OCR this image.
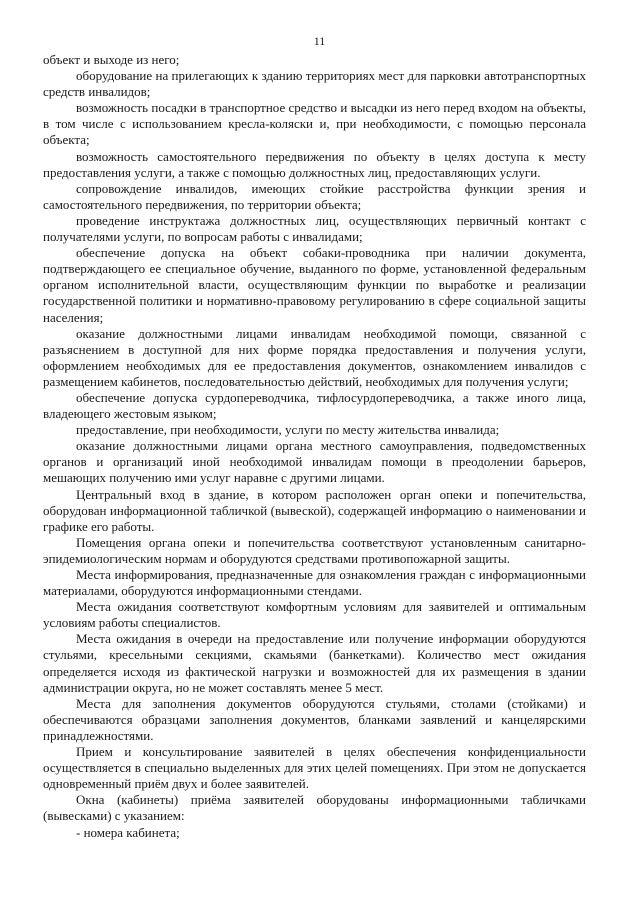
11

объект и выходе из него;

оборудование на прилегающих к зданию территориях мест для парковки автотранспортных средств инвалидов;

возможность посадки в транспортное средство и высадки из него перед входом на объекты, в том числе с использованием кресла-коляски и, при необходимости, с помощью персонала объекта;

возможность самостоятельного передвижения по объекту в целях доступа к месту предоставления услуги, а также с помощью должностных лиц, предоставляющих услуги.

сопровождение инвалидов, имеющих стойкие расстройства функции зрения и самостоятельного передвижения, по территории объекта;

проведение инструктажа должностных лиц, осуществляющих первичный контакт с получателями услуги, по вопросам работы с инвалидами;

обеспечение допуска на объект собаки-проводника при наличии документа, подтверждающего ее специальное обучение, выданного по форме, установленной федеральным органом исполнительной власти, осуществляющим функции по выработке и реализации государственной политики и нормативно-правовому регулированию в сфере социальной защиты населения;

оказание должностными лицами инвалидам необходимой помощи, связанной с разъяснением в доступной для них форме порядка предоставления и получения услуги, оформлением необходимых для ее предоставления документов, ознакомлением инвалидов с размещением кабинетов, последовательностью действий, необходимых для получения услуги;

обеспечение допуска сурдопереводчика, тифлосурдопереводчика, а также иного лица, владеющего жестовым языком;

предоставление, при необходимости, услуги по месту жительства инвалида;

оказание должностными лицами органа местного самоуправления, подведомственных органов и организаций иной необходимой инвалидам помощи в преодолении барьеров, мешающих получению ими услуг наравне с другими лицами.

Центральный вход в здание, в котором расположен орган опеки и попечительства, оборудован информационной табличкой (вывеской), содержащей информацию о наименовании и графике его работы.

Помещения органа опеки и попечительства соответствуют установленным санитарно-эпидемиологическим нормам и оборудуются средствами противопожарной защиты.

Места информирования, предназначенные для ознакомления граждан с информационными материалами, оборудуются информационными стендами.

Места ожидания соответствуют комфортным условиям для заявителей и оптимальным условиям работы специалистов.

Места ожидания в очереди на предоставление или получение информации оборудуются стульями, кресельными секциями, скамьями (банкетками). Количество мест ожидания определяется исходя из фактической нагрузки и возможностей для их размещения в здании администрации округа, но не может составлять менее 5 мест.

Места для заполнения документов оборудуются стульями, столами (стойками) и обеспечиваются образцами заполнения документов, бланками заявлений и канцелярскими принадлежностями.

Прием и консультирование заявителей в целях обеспечения конфиденциальности осуществляется в специально выделенных для этих целей помещениях. При этом не допускается одновременный приём двух и более заявителей.

Окна (кабинеты) приёма заявителей оборудованы информационными табличками (вывесками) с указанием:

- номера кабинета;
